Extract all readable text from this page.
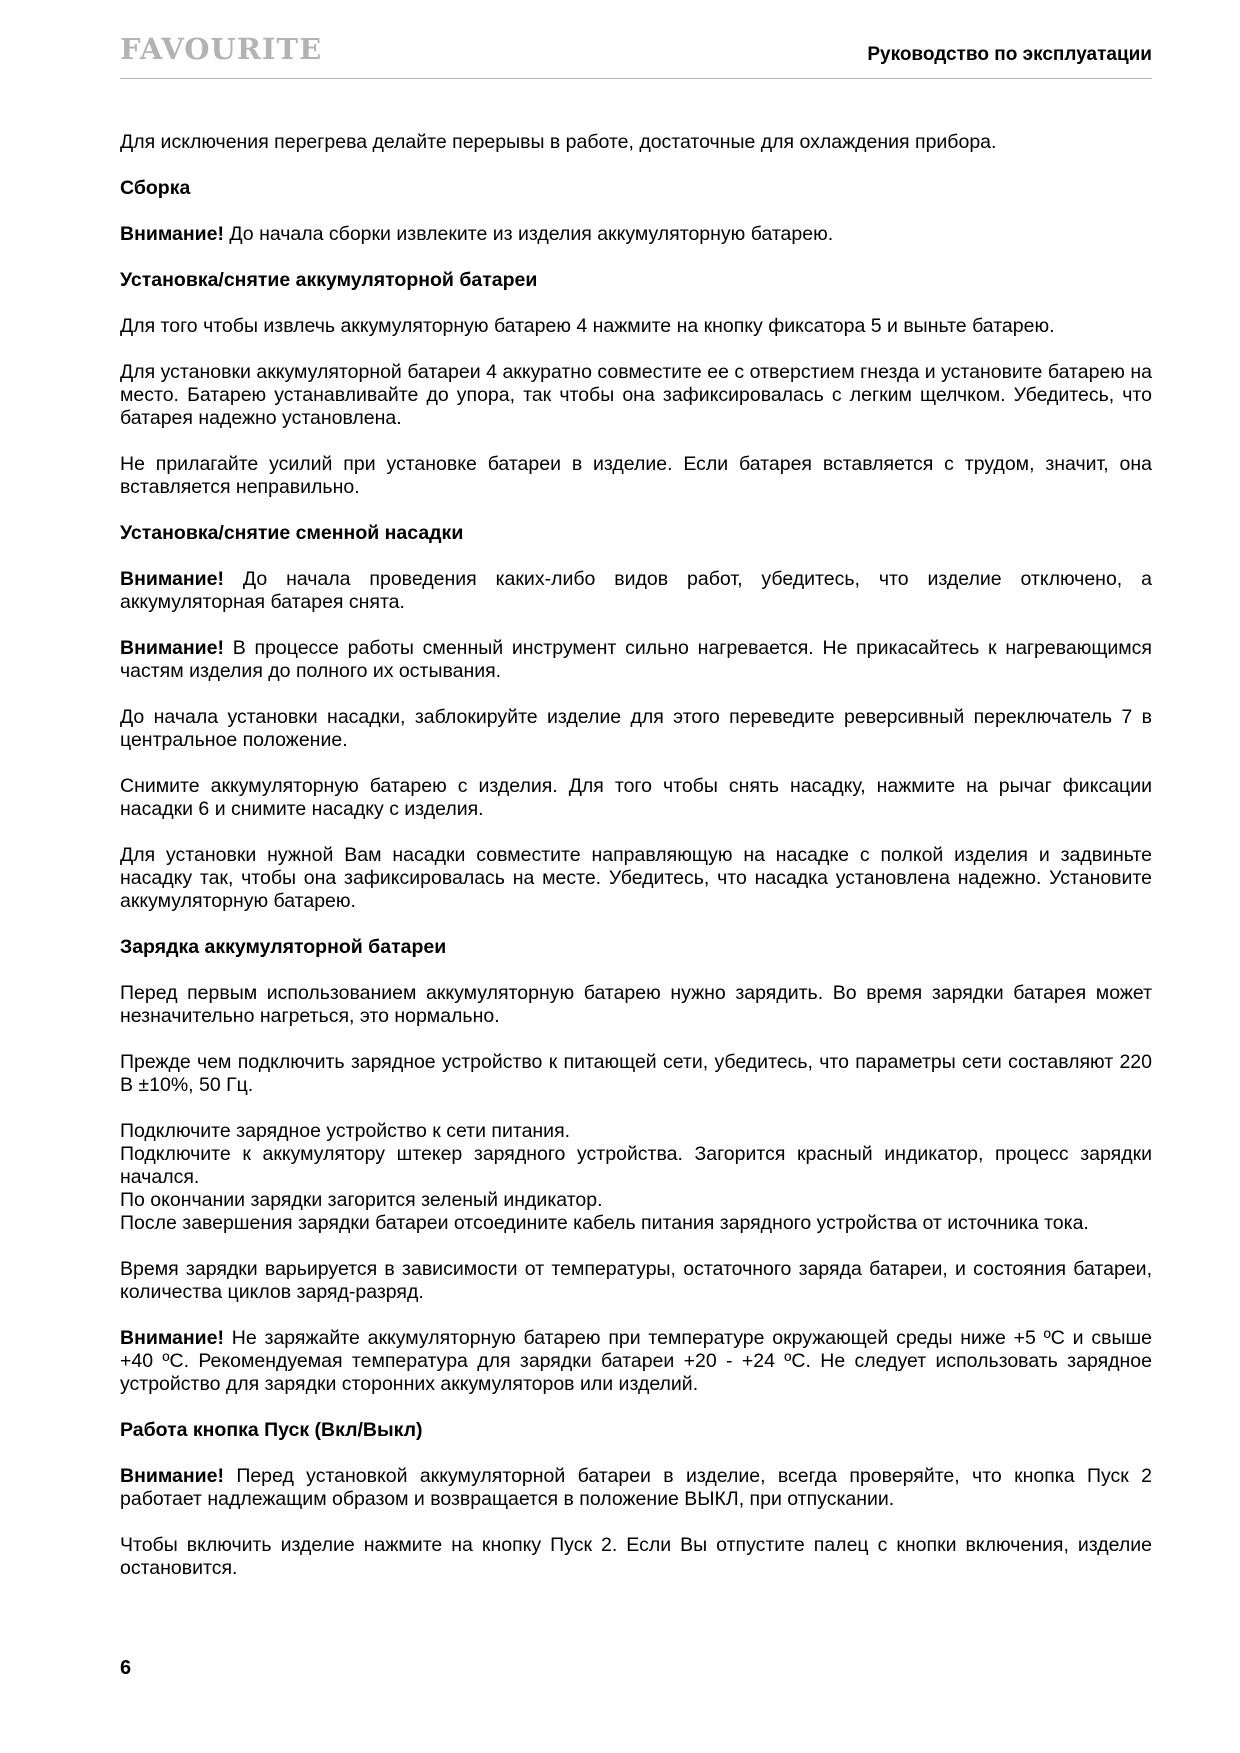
FAVOURITE	Руководство по эксплуатации

Для исключения перегрева делайте перерывы в работе, достаточные для охлаждения прибора.

Сборка

Внимание! До начала сборки извлеките из изделия аккумуляторную батарею.

Установка/снятие аккумуляторной батареи

Для того чтобы извлечь аккумуляторную батарею 4 нажмите на кнопку фиксатора 5 и выньте батарею.

Для установки аккумуляторной батареи 4 аккуратно совместите ее с отверстием гнезда и установите батарею на место. Батарею устанавливайте до упора, так чтобы она зафиксировалась с легким щелчком. Убедитесь, что батарея надежно установлена.

Не прилагайте усилий при установке батареи в изделие. Если батарея вставляется с трудом, значит, она вставляется неправильно.

Установка/снятие сменной насадки

Внимание! До начала проведения каких-либо видов работ, убедитесь, что изделие отключено, а аккумуляторная батарея снята.

Внимание! В процессе работы сменный инструмент сильно нагревается. Не прикасайтесь к нагревающимся частям изделия до полного их остывания.

До начала установки насадки, заблокируйте изделие для этого переведите реверсивный переключатель 7 в центральное положение.

Снимите аккумуляторную батарею с изделия. Для того чтобы снять насадку, нажмите на рычаг фиксации насадки 6 и снимите насадку с изделия.

Для установки нужной Вам насадки совместите направляющую на насадке с полкой изделия и задвиньте насадку так, чтобы она зафиксировалась на месте. Убедитесь, что насадка установлена надежно. Установите аккумуляторную батарею.

Зарядка аккумуляторной батареи

Перед первым использованием аккумуляторную батарею нужно зарядить. Во время зарядки батарея может незначительно нагреться, это нормально.

Прежде чем подключить зарядное устройство к питающей сети, убедитесь, что параметры сети составляют 220 В ±10%, 50 Гц.

Подключите зарядное устройство к сети питания.

Подключите к аккумулятору штекер зарядного устройства. Загорится красный индикатор, процесс зарядки начался.

По окончании зарядки загорится зеленый индикатор.

После завершения зарядки батареи отсоедините кабель питания зарядного устройства от источника тока.

Время зарядки варьируется в зависимости от температуры, остаточного заряда батареи, и состояния батареи, количества циклов заряд-разряд.

Внимание! Не заряжайте аккумуляторную батарею при температуре окружающей среды ниже +5 ºС и свыше +40 ºС. Рекомендуемая температура для зарядки батареи +20 - +24 ºС. Не следует использовать зарядное устройство для зарядки сторонних аккумуляторов или изделий.

Работа кнопка Пуск (Вкл/Выкл)

Внимание! Перед установкой аккумуляторной батареи в изделие, всегда проверяйте, что кнопка Пуск 2 работает надлежащим образом и возвращается в положение ВЫКЛ, при отпускании.

Чтобы включить изделие нажмите на кнопку Пуск 2. Если Вы отпустите палец с кнопки включения, изделие остановится.

6
